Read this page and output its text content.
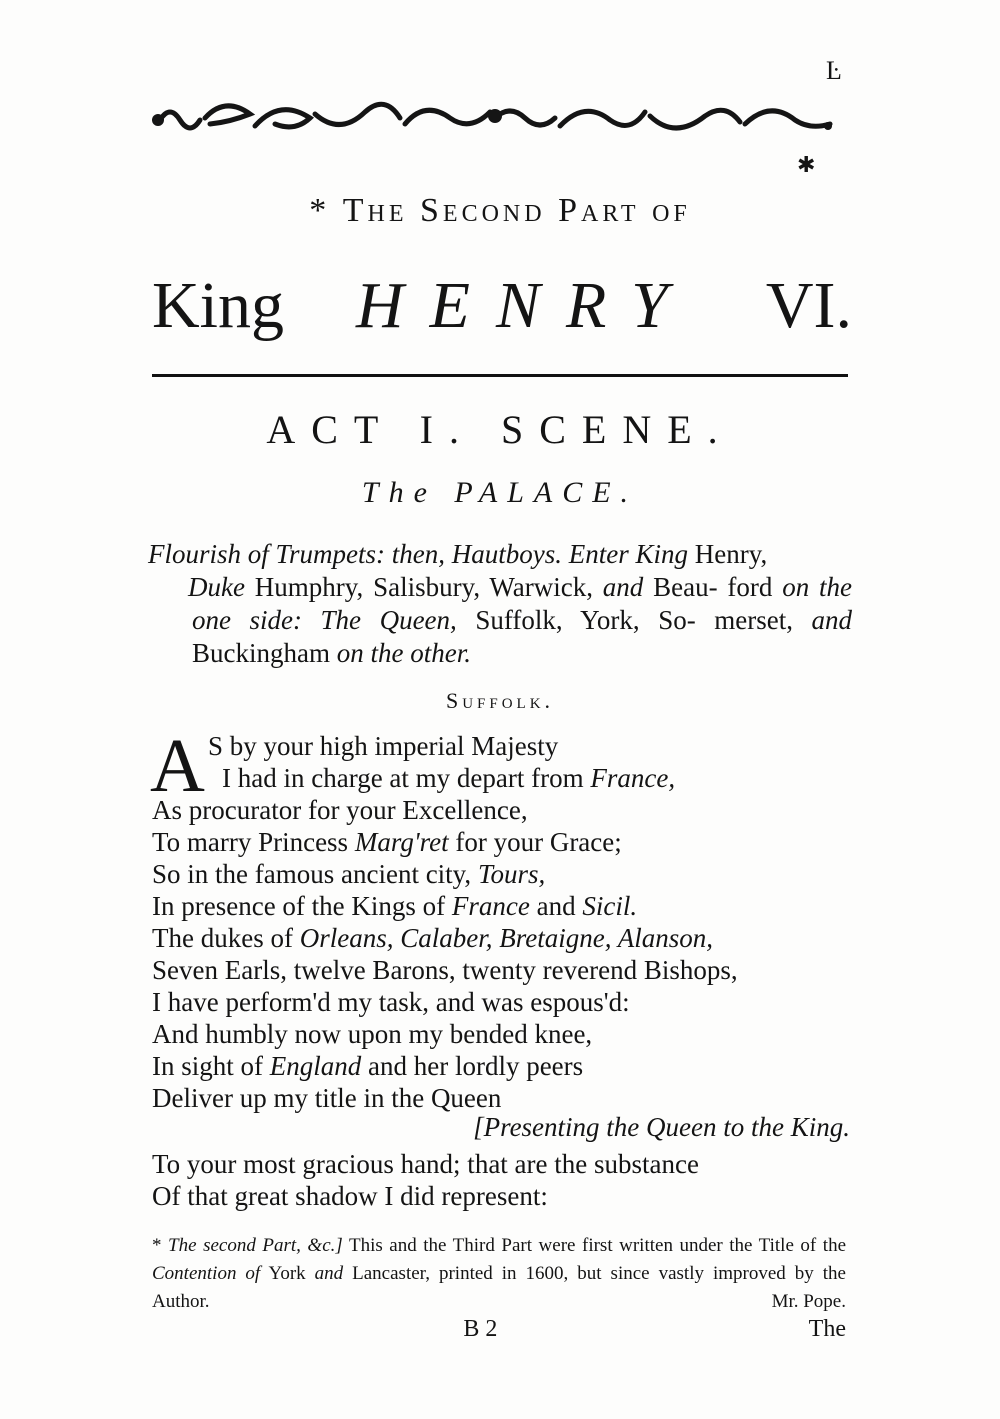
Ŀ
✱
* The Second Part of
King HENRY VI.
ACT I. SCENE.
The PALACE.
Flourish of Trumpets: then, Hautboys. Enter King Henry,
Duke Humphry, Salisbury, Warwick, and Beau- ford on the one side: The Queen, Suffolk, York, So- merset, and Buckingham on the other.
Suffolk.
A S by your high imperial Majesty
I had in charge at my depart from France,
As procurator for your Excellence,
To marry Princess Marg'ret for your Grace;
So in the famous ancient city, Tours,
In presence of the Kings of France and Sicil.
The dukes of Orleans, Calaber, Bretaigne, Alanson,
Seven Earls, twelve Barons, twenty reverend Bishops,
I have perform'd my task, and was espous'd:
And humbly now upon my bended knee,
In sight of England and her lordly peers
Deliver up my title in the Queen
[Presenting the Queen to the King.
To your most gracious hand; that are the substance
Of that great shadow I did represent:
* The second Part, &c.] This and the Third Part were first written under the Title of the Contention of York and Lancaster, printed in 1600, but since vastly improved by the Author.	Mr. Pope.
B 2	The
